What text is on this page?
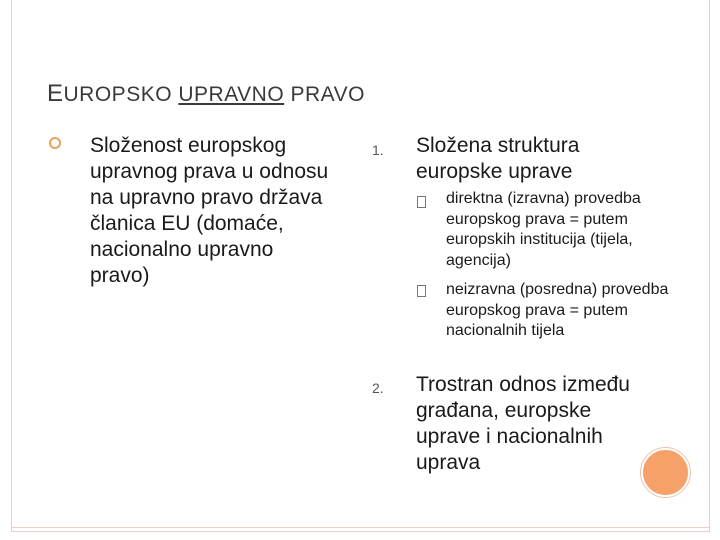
EUROPSKO UPRAVNO PRAVO
Složenost europskog upravnog prava u odnosu na upravno pravo država članica EU (domaće, nacionalno upravno pravo)
1. Složena struktura europske uprave
direktna (izravna) provedba europskog prava = putem europskih institucija (tijela, agencija)
neizravna (posredna) provedba europskog prava = putem nacionalnih tijela
2. Trostran odnos između građana, europske uprave i nacionalnih uprava
